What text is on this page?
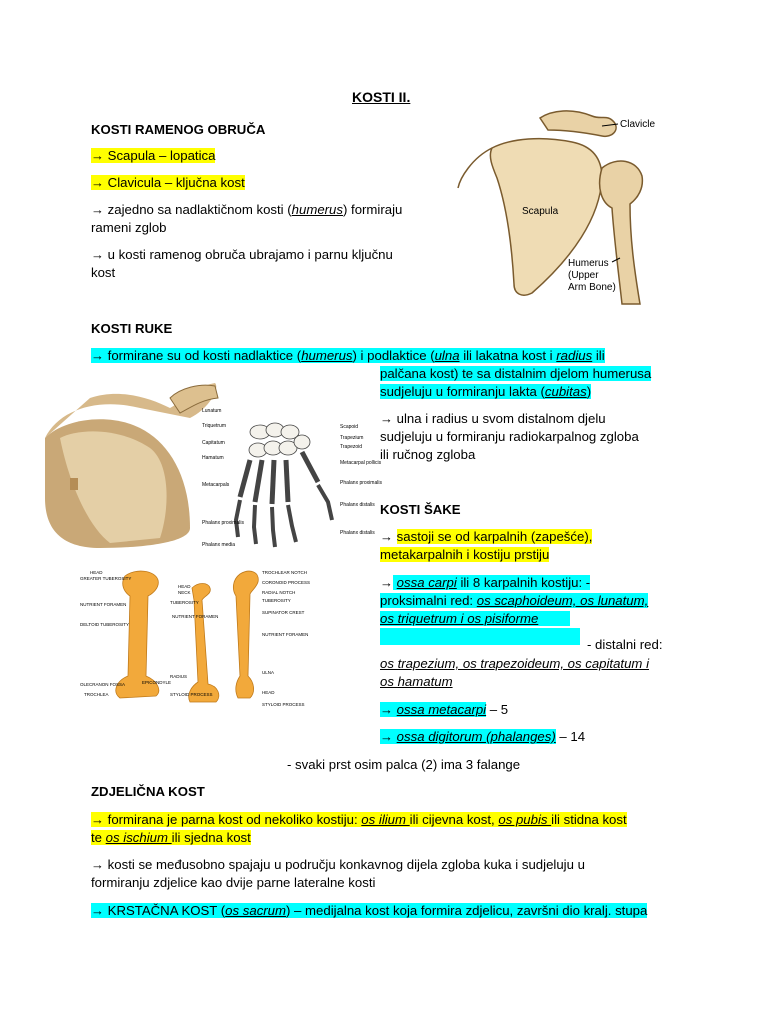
KOSTI II.
KOSTI RAMENOG OBRUČA
→ Scapula – lopatica
→ Clavicula – ključna kost
→ zajedno sa nadlaktičnom kosti (humerus) formiraju
rameni zglob
→ u kosti ramenog obruča ubrajamo i parnu ključnu
kost
Clavicle
Scapula
Humerus
(Upper
Arm Bone)
KOSTI RUKE
→ formirane su od kosti nadlaktice (humerus) i podlaktice (ulna ili lakatna kost i radius ili
palčana kost) te sa distalnim djelom humerusa
sudjeluju u formiranju lakta (cubitas)
→ ulna i radius u svom distalnom djelu
sudjeluju u formiranju radiokarpalnog zgloba
ili ručnog zgloba
Lunatum
Triquetrum
Capitatum
Hamatum
Metacarpals
Phalanx proximalis
Phalanx media
Scapoid
Trapezium
Trapezoid
Metacarpal pollicis
Phalanx proximalis
Phalanx distalis
Phalanx distalis
HEAD
GREATER TUBEROSITY
NUTRIENT FORAMEN
DELTOID TUBEROSITY
OLECRANON FOSSA
TROCHLEA
EPICONDYLE
HEAD
NECK
TUBEROSITY
NUTRIENT FORAMEN
RADIUS
STYLOID PROCESS
TROCHLEAR NOTCH
CORONOID PROCESS
RADIAL NOTCH
TUBEROSITY
SUPINATOR CREST
NUTRIENT FORAMEN
ULNA
HEAD
STYLOID PROCESS
KOSTI ŠAKE
→ sastoji se od karpalnih (zapešće),
metakarpalnih i kostiju prstiju
→ ossa carpi ili 8 karpalnih kostiju: -
proksimalni red: os scaphoideum, os lunatum,
os triquetrum i os pisiforme
- distalni red:
os trapezium, os trapezoideum, os capitatum i
os hamatum
→ ossa metacarpi – 5
→ ossa digitorum (phalanges) – 14
- svaki prst osim palca (2) ima 3 falange
ZDJELIČNA KOST
→ formirana je parna kost od nekoliko kostiju: os ilium ili cijevna kost, os pubis ili stidna kost
te os ischium ili sjedna kost
→ kosti se međusobno spajaju u području konkavnog dijela zgloba kuka i sudjeluju u
formiranju zdjelice kao dvije parne lateralne kosti
→ KRSTAČNA KOST (os sacrum) – medijalna kost koja formira zdjelicu, završni dio kralj. stupa
